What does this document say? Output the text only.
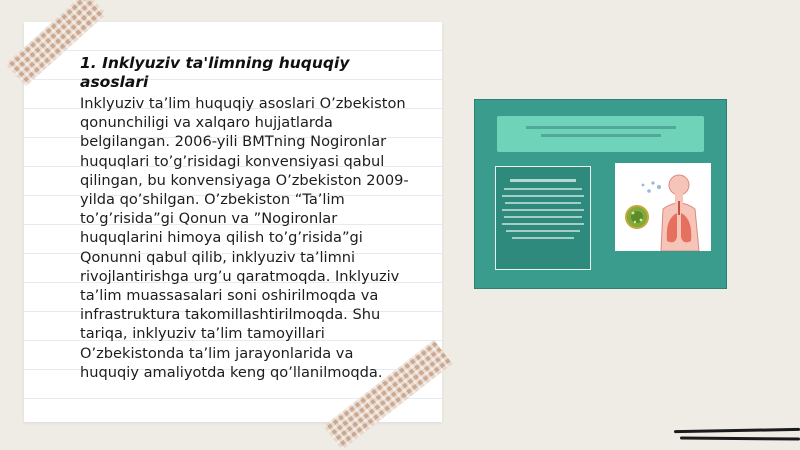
1. Inklyuziv ta'limning huquqiy asoslari

Inklyuziv ta’lim huquqiy asoslari O’zbekiston qonunchiligi va xalqaro hujjatlarda belgilangan. 2006-yili BMTning Nogironlar huquqlari to’g’risidagi konvensiyasi qabul qilingan, bu konvensiyaga O’zbekiston 2009-yilda qo’shilgan. O’zbekiston “Ta’lim to’g’risida”gi Qonun va ”Nogironlar huquqlarini himoya qilish to’g’risida”gi Qonunni qabul qilib, inklyuziv ta’limni rivojlantirishga urg’u qaratmoqda. Inklyuziv ta’lim muassasalari soni oshirilmoqda va infrastruktura takomillashtirilmoqda. Shu tariqa, inklyuziv ta’lim tamoyillari O’zbekistonda ta’lim jarayonlarida va huquqiy amaliyotda keng qo’llanilmoqda.
